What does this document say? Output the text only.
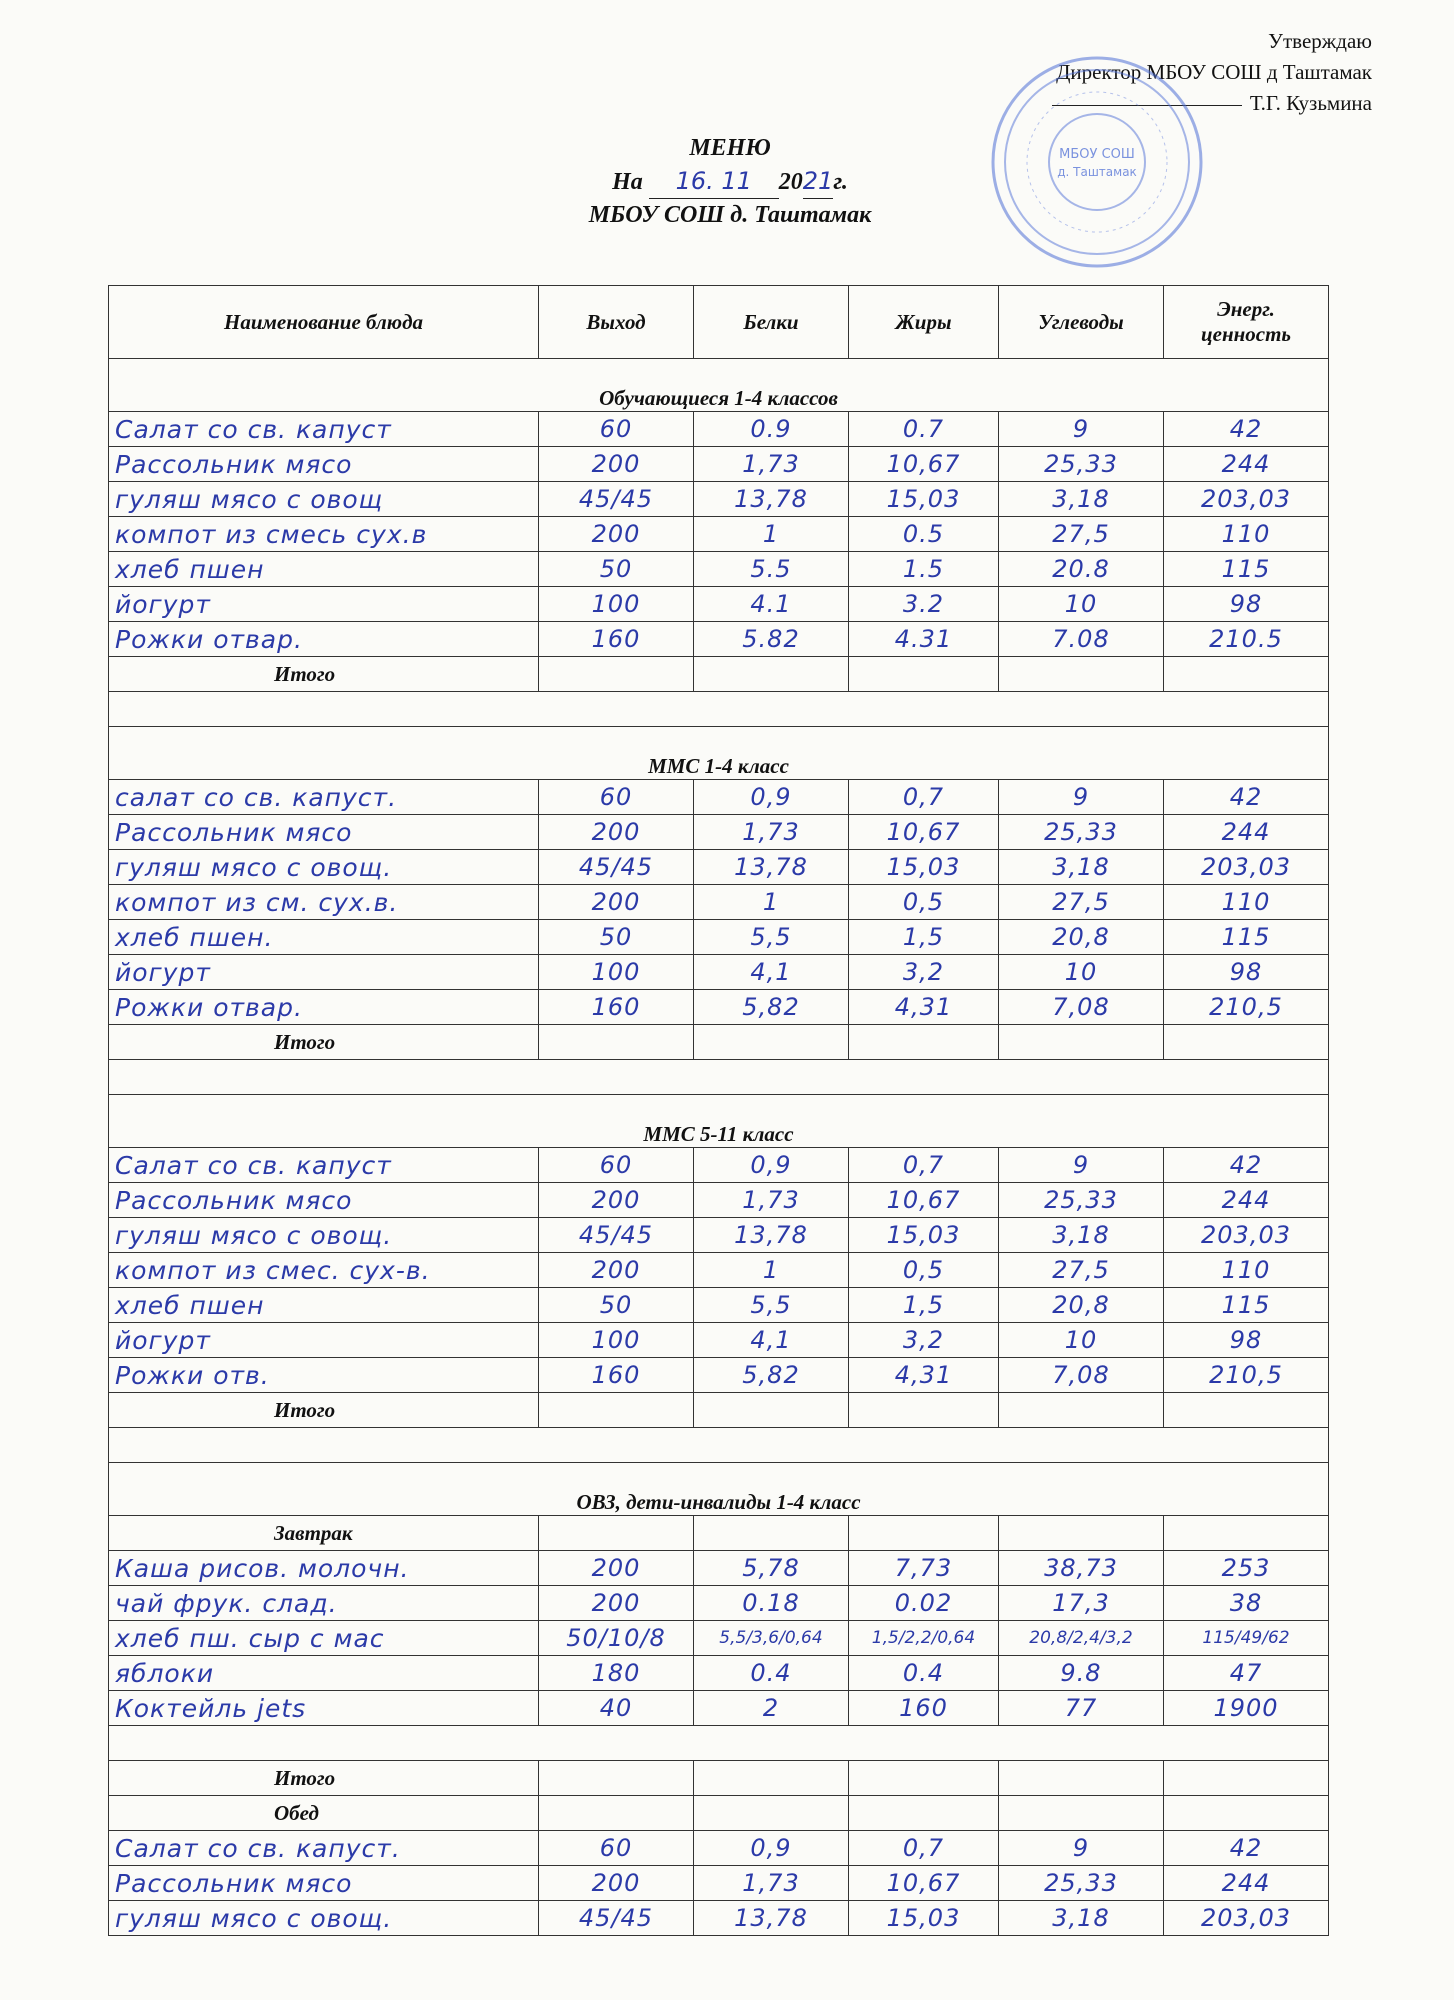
Утверждаю
Директор МБОУ СОШ д Таштамак
Т.Г. Кузьмина
МБОУ СОШ
д. Таштамак
МЕНЮ
На 16. 11 2021г.
МБОУ СОШ д. Таштамак
Наименование блюда	Выход	Белки	Жиры	Углеводы	Энерг. ценность
Обучающиеся 1-4 классов					
Салат со св. капуст	60	0.9	0.7	9	42
Рассольник мясо	200	1,73	10,67	25,33	244
гуляш мясо с овощ	45/45	13,78	15,03	3,18	203,03
компот из смесь сух.в	200	1	0.5	27,5	110
хлеб пшен	50	5.5	1.5	20.8	115
йогурт	100	4.1	3.2	10	98
Рожки отвар.	160	5.82	4.31	7.08	210.5
Итого					

ММС 1-4 класс					
салат со св. капуст.	60	0,9	0,7	9	42
Рассольник мясо	200	1,73	10,67	25,33	244
гуляш мясо с овощ.	45/45	13,78	15,03	3,18	203,03
компот из см. сух.в.	200	1	0,5	27,5	110
хлеб пшен.	50	5,5	1,5	20,8	115
йогурт	100	4,1	3,2	10	98
Рожки отвар.	160	5,82	4,31	7,08	210,5
Итого					

ММС 5-11 класс					
Салат со св. капуст	60	0,9	0,7	9	42
Рассольник мясо	200	1,73	10,67	25,33	244
гуляш мясо с овощ.	45/45	13,78	15,03	3,18	203,03
компот из смес. сух-в.	200	1	0,5	27,5	110
хлеб пшен	50	5,5	1,5	20,8	115
йогурт	100	4,1	3,2	10	98
Рожки отв.	160	5,82	4,31	7,08	210,5
Итого					

ОВЗ, дети-инвалиды 1-4 класс					
Завтрак					
Каша рисов. молочн.	200	5,78	7,73	38,73	253
чай фрук. слад.	200	0.18	0.02	17,3	38
хлеб пш. сыр с мас	50/10/8	5,5/3,6/0,64	1,5/2,2/0,64	20,8/2,4/3,2	115/49/62
яблоки	180	0.4	0.4	9.8	47
Коктейль jets	40	2	160	77	1900

Итого					
Обед					
Салат со св. капуст.	60	0,9	0,7	9	42
Рассольник мясо	200	1,73	10,67	25,33	244
гуляш мясо с овощ.	45/45	13,78	15,03	3,18	203,03
